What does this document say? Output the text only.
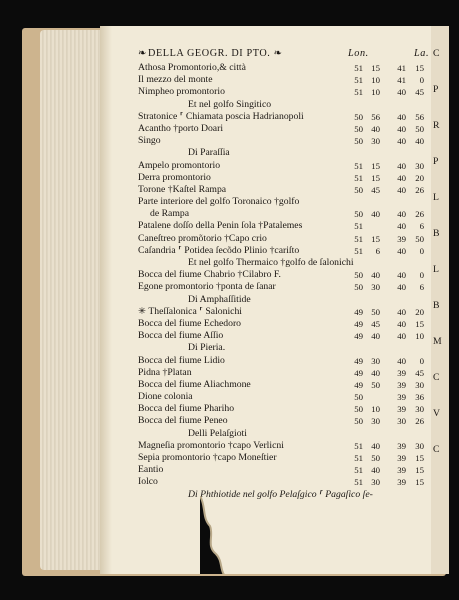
❧ DELLA GEOGR. DI PTO. ❧	Lon.	La.
Athosa Promontorio,& città	51 15	41	15
Il mezzo del monte	51 10	41	0
Nimpheo promontorio	51 10	40	45
Et nel golfo Singitico
Stratonice ⸢ Chiamata poscia Hadrianopoli	50 56	40	56
Acantho †porto Doari	50 40	40	50
Singo	50 30	40	40
Di Paraſſia
Ampelo promontorio	51 15	40	30
Derra promontorio	51 15	40	20
Torone †Kaſtel Rampa	50 45	40	26
Parte interiore del golfo Toronaico †golfo
de Rampa	50 40	40	26
Patalene doſſo della Penin ſola †Patalemes	51	40	6
Caneſtreo promõtorio †Capo crio	51 15	39	50
Caſandria ⸢ Potidea ſecõdo Plinio †cariſto	51	6	40	0
Et nel golfo Thermaico †golfo de ſalonichi
Bocca del fiume Chabrio †Cilabro F.	50 40	40	0
Egone promontorio †ponta de ſanar	50 30	40	6
Di Amphaſſitide
✳ Theſſalonica ⸢ Salonichi	49 50	40	20
Bocca del fiume Echedoro	49 45	40	15
Bocca del fiume Aſſio	49 40	40	10
Di Pieria.
Bocca del fiume Lidio	49 30	40	0
Pidna †Platan	49 40	39	45
Bocca del fiume Aliachmone	49 50	39	30
Dione colonia	50	39	36
Bocca del fiume Phariho	50 10	39	30
Bocca del fiume Peneo	50 30	30	26
Delli Pelaſgioti
Magneſia promontorio †capo Verlicni	51 40	39	30
Sepia promontorio †capo Moneſtier	51 50	39	15
Eantio	51 40	39	15
Iolco	51 30	39	15
Di Phthiotide nel golfo Pelaſgico ⸢ Pagaſico ſe-
C
P
R
P
L
B
L
B
M
C
V
C
